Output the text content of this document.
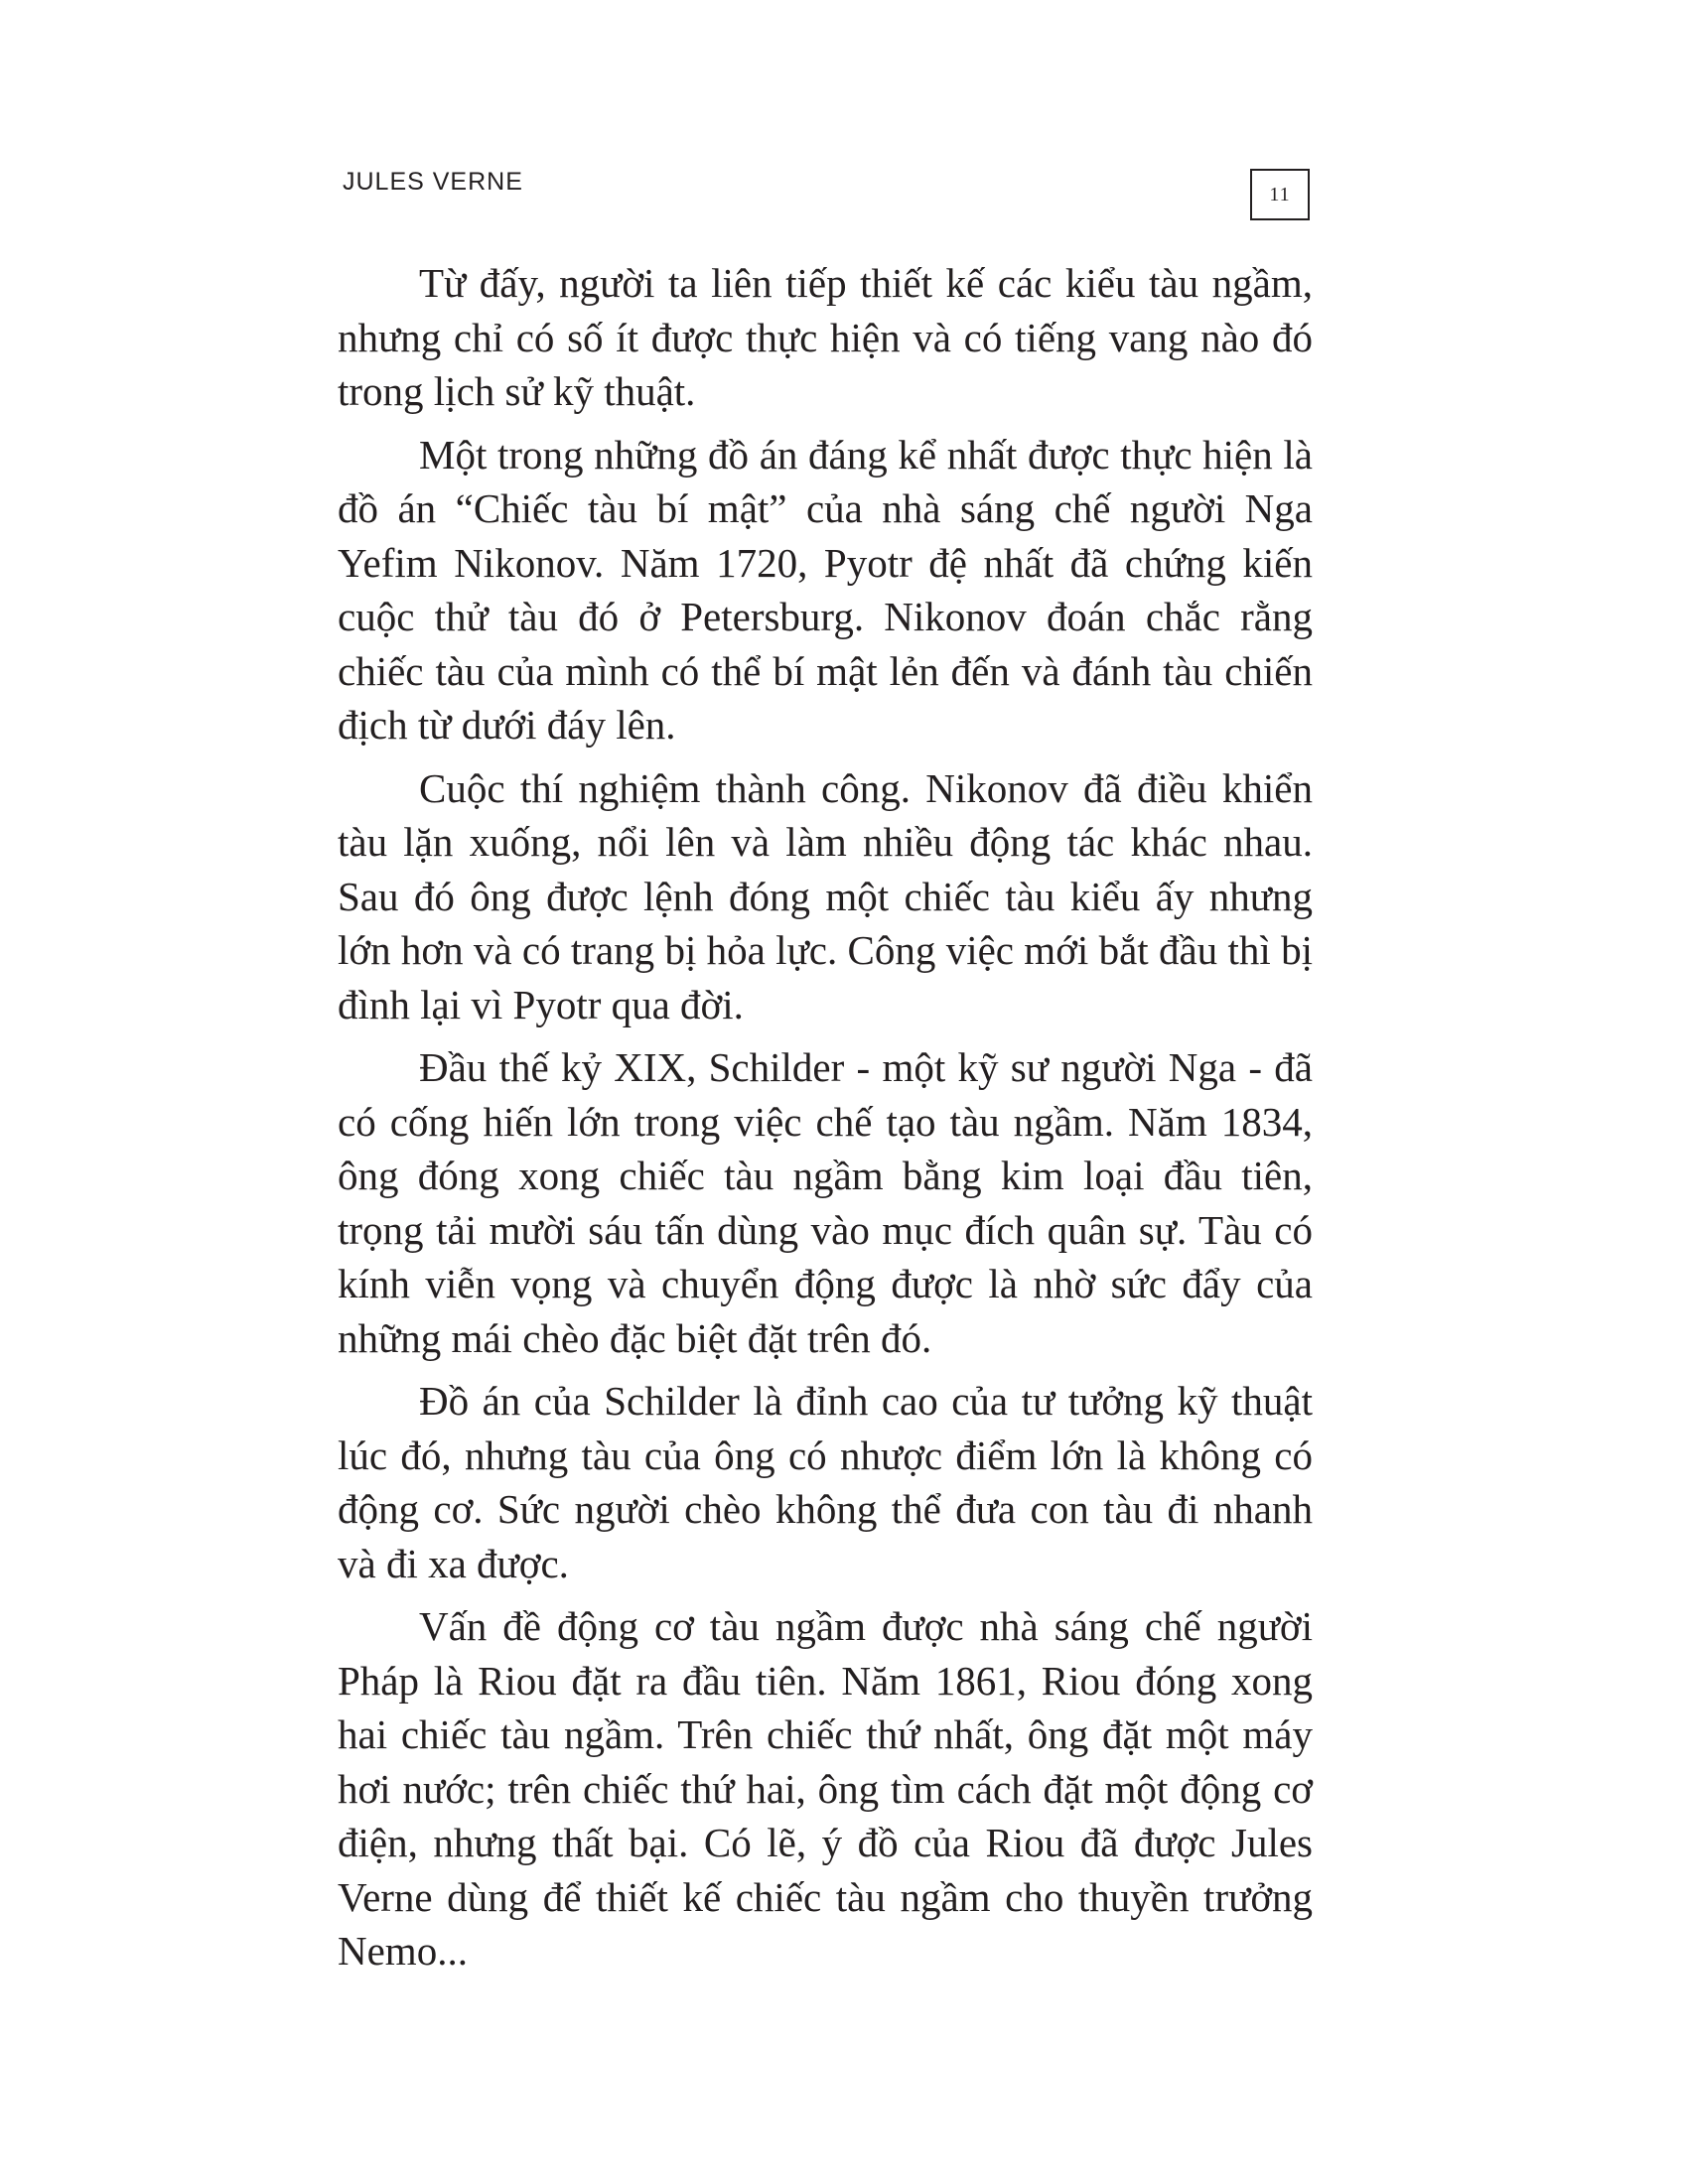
JULES VERNE	11

Từ đấy, người ta liên tiếp thiết kế các kiểu tàu ngầm, nhưng chỉ có số ít được thực hiện và có tiếng vang nào đó trong lịch sử kỹ thuật.

Một trong những đồ án đáng kể nhất được thực hiện là đồ án “Chiếc tàu bí mật” của nhà sáng chế người Nga Yefim Nikonov. Năm 1720, Pyotr đệ nhất đã chứng kiến cuộc thử tàu đó ở Petersburg. Nikonov đoán chắc rằng chiếc tàu của mình có thể bí mật lẻn đến và đánh tàu chiến địch từ dưới đáy lên.

Cuộc thí nghiệm thành công. Nikonov đã điều khiển tàu lặn xuống, nổi lên và làm nhiều động tác khác nhau. Sau đó ông được lệnh đóng một chiếc tàu kiểu ấy nhưng lớn hơn và có trang bị hỏa lực. Công việc mới bắt đầu thì bị đình lại vì Pyotr qua đời.

Đầu thế kỷ XIX, Schilder - một kỹ sư người Nga - đã có cống hiến lớn trong việc chế tạo tàu ngầm. Năm 1834, ông đóng xong chiếc tàu ngầm bằng kim loại đầu tiên, trọng tải mười sáu tấn dùng vào mục đích quân sự. Tàu có kính viễn vọng và chuyển động được là nhờ sức đẩy của những mái chèo đặc biệt đặt trên đó.

Đồ án của Schilder là đỉnh cao của tư tưởng kỹ thuật lúc đó, nhưng tàu của ông có nhược điểm lớn là không có động cơ. Sức người chèo không thể đưa con tàu đi nhanh và đi xa được.

Vấn đề động cơ tàu ngầm được nhà sáng chế người Pháp là Riou đặt ra đầu tiên. Năm 1861, Riou đóng xong hai chiếc tàu ngầm. Trên chiếc thứ nhất, ông đặt một máy hơi nước; trên chiếc thứ hai, ông tìm cách đặt một động cơ điện, nhưng thất bại. Có lẽ, ý đồ của Riou đã được Jules Verne dùng để thiết kế chiếc tàu ngầm cho thuyền trưởng Nemo...
